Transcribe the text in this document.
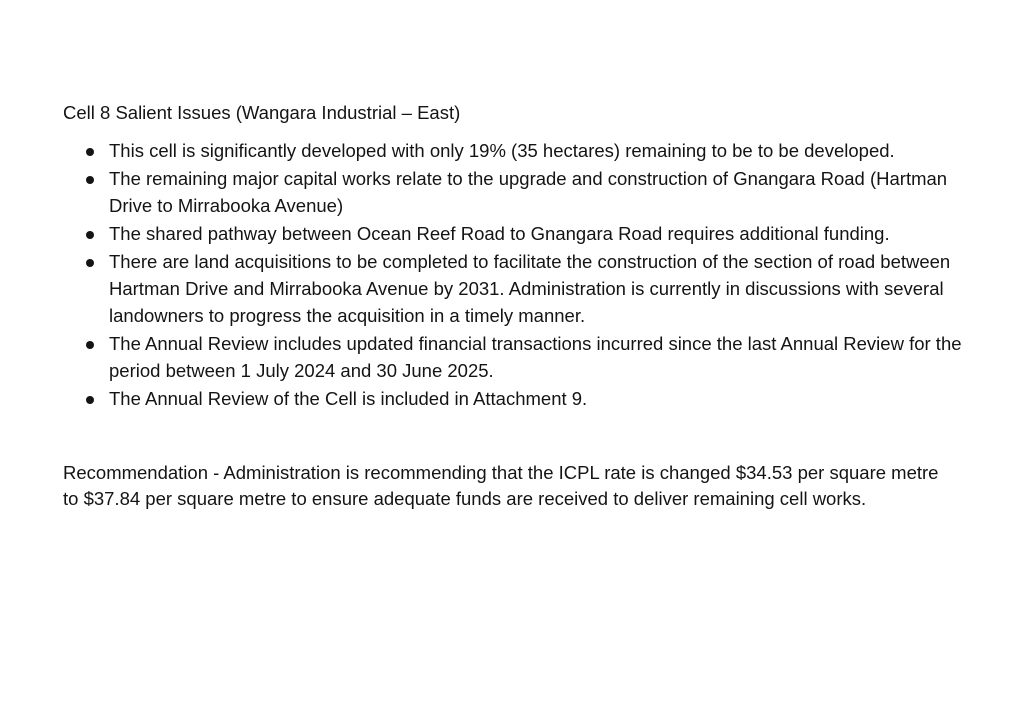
Cell 8 Salient Issues (Wangara Industrial – East)

This cell is significantly developed with only 19% (35 hectares) remaining to be to be developed.
The remaining major capital works relate to the upgrade and construction of Gnangara Road (Hartman Drive to Mirrabooka Avenue)
The shared pathway between Ocean Reef Road to Gnangara Road requires additional funding.
There are land acquisitions to be completed to facilitate the construction of the section of road between Hartman Drive and Mirrabooka Avenue by 2031. Administration is currently in discussions with several landowners to progress the acquisition in a timely manner.
The Annual Review includes updated financial transactions incurred since the last Annual Review for the period between 1 July 2024 and 30 June 2025.
The Annual Review of the Cell is included in Attachment 9.

Recommendation - Administration is recommending that the ICPL rate is changed $34.53 per square metre to $37.84 per square metre to ensure adequate funds are received to deliver remaining cell works.
